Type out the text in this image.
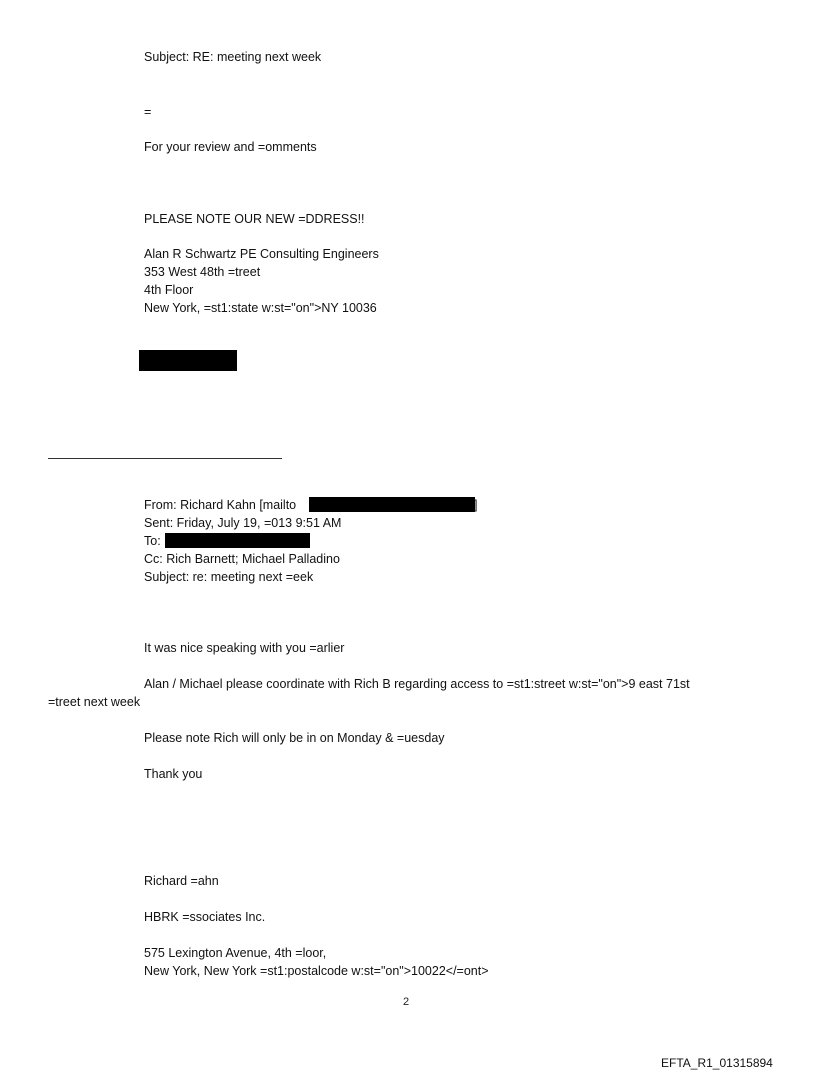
Subject: RE: meeting next week
=
For your review and =omments
PLEASE NOTE OUR NEW =DDRESS!!
Alan R Schwartz PE Consulting Engineers
353 West 48th =treet
4th Floor
New York, =st1:state w:st="on">NY 10036
From: Richard Kahn [mailto	]
Sent: Friday, July 19, =013 9:51 AM
To:
Cc: Rich Barnett; Michael Palladino
Subject: re: meeting next =eek
It was nice speaking with you =arlier
Alan / Michael please coordinate with Rich B regarding access to =st1:street w:st="on">9 east 71st
=treet next week
Please note Rich will only be in on Monday & =uesday
Thank you
Richard =ahn
HBRK =ssociates Inc.
575 Lexington Avenue, 4th =loor,
New York, New York =st1:postalcode w:st="on">10022</=ont>
2
EFTA_R1_01315894
